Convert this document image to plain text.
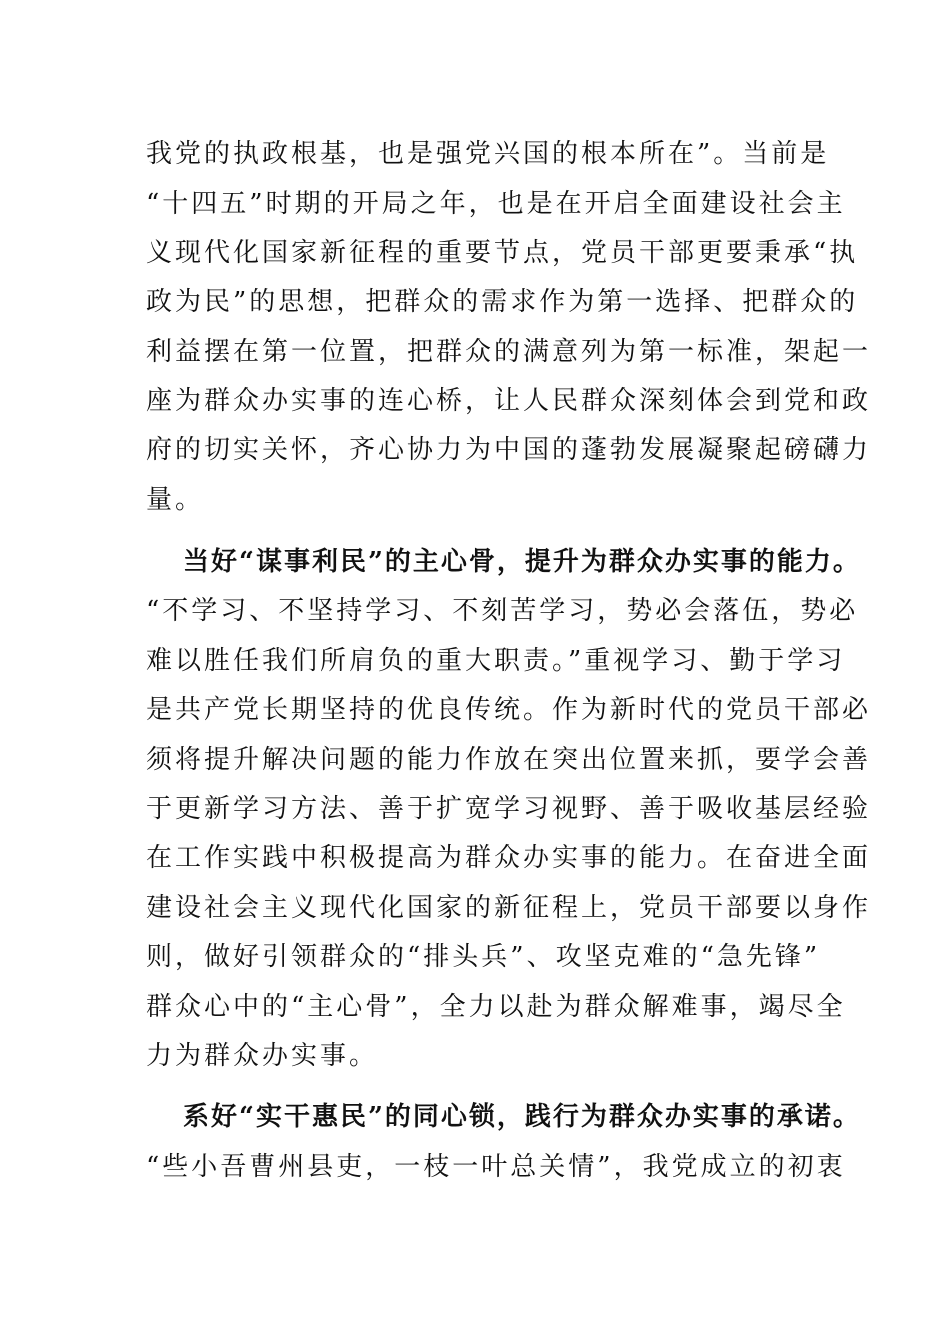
我党的执政根基，也是强党兴国的根本所在”。当前是
“十四五”时期的开局之年，也是在开启全面建设社会主
义现代化国家新征程的重要节点，党员干部更要秉承“执
政为民”的思想，把群众的需求作为第一选择、把群众的
利益摆在第一位置，把群众的满意列为第一标准，架起一
座为群众办实事的连心桥，让人民群众深刻体会到党和政
府的切实关怀，齐心协力为中国的蓬勃发展凝聚起磅礴力
量。
当好“谋事利民”的主心骨，提升为群众办实事的能力。
“不学习、不坚持学习、不刻苦学习，势必会落伍，势必
难以胜任我们所肩负的重大职责。”重视学习、勤于学习
是共产党长期坚持的优良传统。作为新时代的党员干部必
须将提升解决问题的能力作放在突出位置来抓，要学会善
于更新学习方法、善于扩宽学习视野、善于吸收基层经验
在工作实践中积极提高为群众办实事的能力。在奋进全面
建设社会主义现代化国家的新征程上，党员干部要以身作
则，做好引领群众的“排头兵”、攻坚克难的“急先锋”
群众心中的“主心骨”，全力以赴为群众解难事，竭尽全
力为群众办实事。
系好“实干惠民”的同心锁，践行为群众办实事的承诺。
“些小吾曹州县吏，一枝一叶总关情”，我党成立的初衷
